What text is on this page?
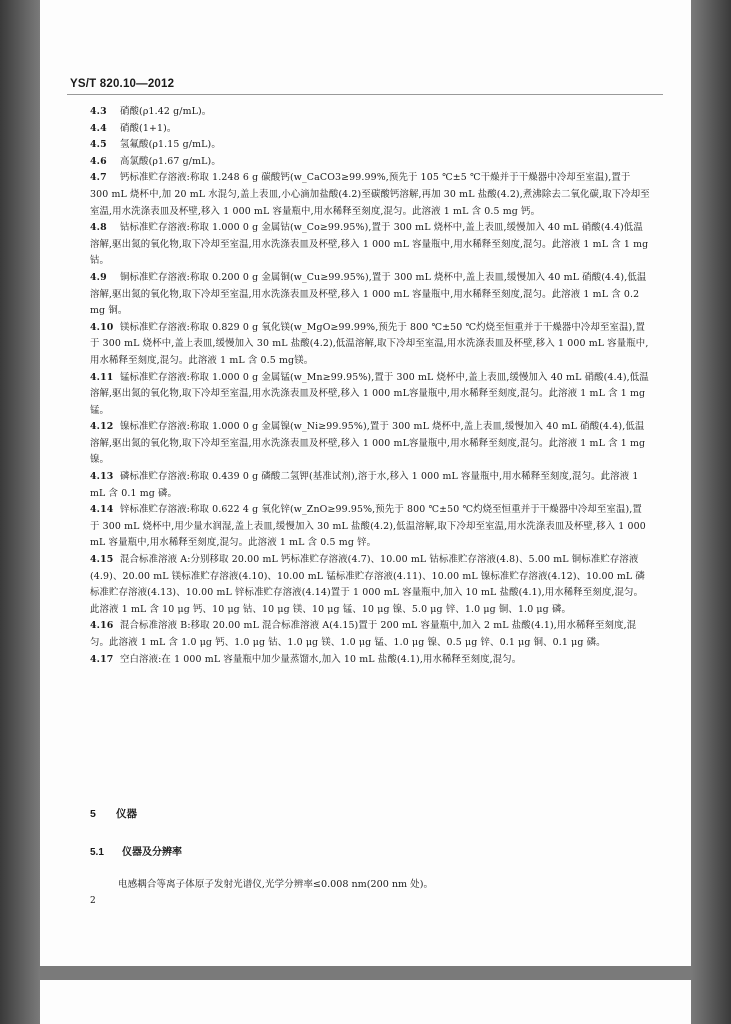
YS/T 820.10—2012

4.3 硝酸(ρ1.42 g/mL)。

4.4 硝酸(1+1)。

4.5 氢氟酸(ρ1.15 g/mL)。

4.6 高氯酸(ρ1.67 g/mL)。

4.7 钙标准贮存溶液:称取 1.248 6 g 碳酸钙(w_CaCO3≥99.99%,预先于 105 ℃±5 ℃干燥并于干燥器中冷却至室温),置于 300 mL 烧杯中,加 20 mL 水混匀,盖上表皿,小心滴加盐酸(4.2)至碳酸钙溶解,再加 30 mL 盐酸(4.2),煮沸除去二氧化碳,取下冷却至室温,用水洗涤表皿及杯壁,移入 1 000 mL 容量瓶中,用水稀释至刻度,混匀。此溶液 1 mL 含 0.5 mg 钙。

4.8 钴标准贮存溶液:称取 1.000 0 g 金属钴(w_Co≥99.95%),置于 300 mL 烧杯中,盖上表皿,缓慢加入 40 mL 硝酸(4.4)低温溶解,驱出氮的氧化物,取下冷却至室温,用水洗涤表皿及杯壁,移入 1 000 mL 容量瓶中,用水稀释至刻度,混匀。此溶液 1 mL 含 1 mg 钴。

4.9 铜标准贮存溶液:称取 0.200 0 g 金属铜(w_Cu≥99.95%),置于 300 mL 烧杯中,盖上表皿,缓慢加入 40 mL 硝酸(4.4),低温溶解,驱出氮的氧化物,取下冷却至室温,用水洗涤表皿及杯壁,移入 1 000 mL 容量瓶中,用水稀释至刻度,混匀。此溶液 1 mL 含 0.2 mg 铜。

4.10 镁标准贮存溶液:称取 0.829 0 g 氧化镁(w_MgO≥99.99%,预先于 800 ℃±50 ℃灼烧至恒重并于干燥器中冷却至室温),置于 300 mL 烧杯中,盖上表皿,缓慢加入 30 mL 盐酸(4.2),低温溶解,取下冷却至室温,用水洗涤表皿及杯壁,移入 1 000 mL 容量瓶中,用水稀释至刻度,混匀。此溶液 1 mL 含 0.5 mg镁。

4.11 锰标准贮存溶液:称取 1.000 0 g 金属锰(w_Mn≥99.95%),置于 300 mL 烧杯中,盖上表皿,缓慢加入 40 mL 硝酸(4.4),低温溶解,驱出氮的氧化物,取下冷却至室温,用水洗涤表皿及杯壁,移入 1 000 mL容量瓶中,用水稀释至刻度,混匀。此溶液 1 mL 含 1 mg 锰。

4.12 镍标准贮存溶液:称取 1.000 0 g 金属镍(w_Ni≥99.95%),置于 300 mL 烧杯中,盖上表皿,缓慢加入 40 mL 硝酸(4.4),低温溶解,驱出氮的氧化物,取下冷却至室温,用水洗涤表皿及杯壁,移入 1 000 mL容量瓶中,用水稀释至刻度,混匀。此溶液 1 mL 含 1 mg 镍。

4.13 磷标准贮存溶液:称取 0.439 0 g 磷酸二氢钾(基准试剂),溶于水,移入 1 000 mL 容量瓶中,用水稀释至刻度,混匀。此溶液 1 mL 含 0.1 mg 磷。

4.14 锌标准贮存溶液:称取 0.622 4 g 氧化锌(w_ZnO≥99.95%,预先于 800 ℃±50 ℃灼烧至恒重并于干燥器中冷却至室温),置于 300 mL 烧杯中,用少量水润湿,盖上表皿,缓慢加入 30 mL 盐酸(4.2),低温溶解,取下冷却至室温,用水洗涤表皿及杯壁,移入 1 000 mL 容量瓶中,用水稀释至刻度,混匀。此溶液 1 mL 含 0.5 mg 锌。

4.15 混合标准溶液 A:分别移取 20.00 mL 钙标准贮存溶液(4.7)、10.00 mL 钴标准贮存溶液(4.8)、5.00 mL 铜标准贮存溶液(4.9)、20.00 mL 镁标准贮存溶液(4.10)、10.00 mL 锰标准贮存溶液(4.11)、10.00 mL 镍标准贮存溶液(4.12)、10.00 mL 磷标准贮存溶液(4.13)、10.00 mL 锌标准贮存溶液(4.14)置于 1 000 mL 容量瓶中,加入 10 mL 盐酸(4.1),用水稀释至刻度,混匀。此溶液 1 mL 含 10 μg 钙、10 μg 钴、10 μg 镁、10 μg 锰、10 μg 镍、5.0 μg 锌、1.0 μg 铜、1.0 μg 磷。

4.16 混合标准溶液 B:移取 20.00 mL 混合标准溶液 A(4.15)置于 200 mL 容量瓶中,加入 2 mL 盐酸(4.1),用水稀释至刻度,混匀。此溶液 1 mL 含 1.0 μg 钙、1.0 μg 钴、1.0 μg 镁、1.0 μg 锰、1.0 μg 镍、0.5 μg 锌、0.1 μg 铜、0.1 μg 磷。

4.17 空白溶液:在 1 000 mL 容量瓶中加少量蒸馏水,加入 10 mL 盐酸(4.1),用水稀释至刻度,混匀。

5 仪器
5.1 仪器及分辨率
电感耦合等离子体原子发射光谱仪,光学分辨率≤0.008 nm(200 nm 处)。
2
